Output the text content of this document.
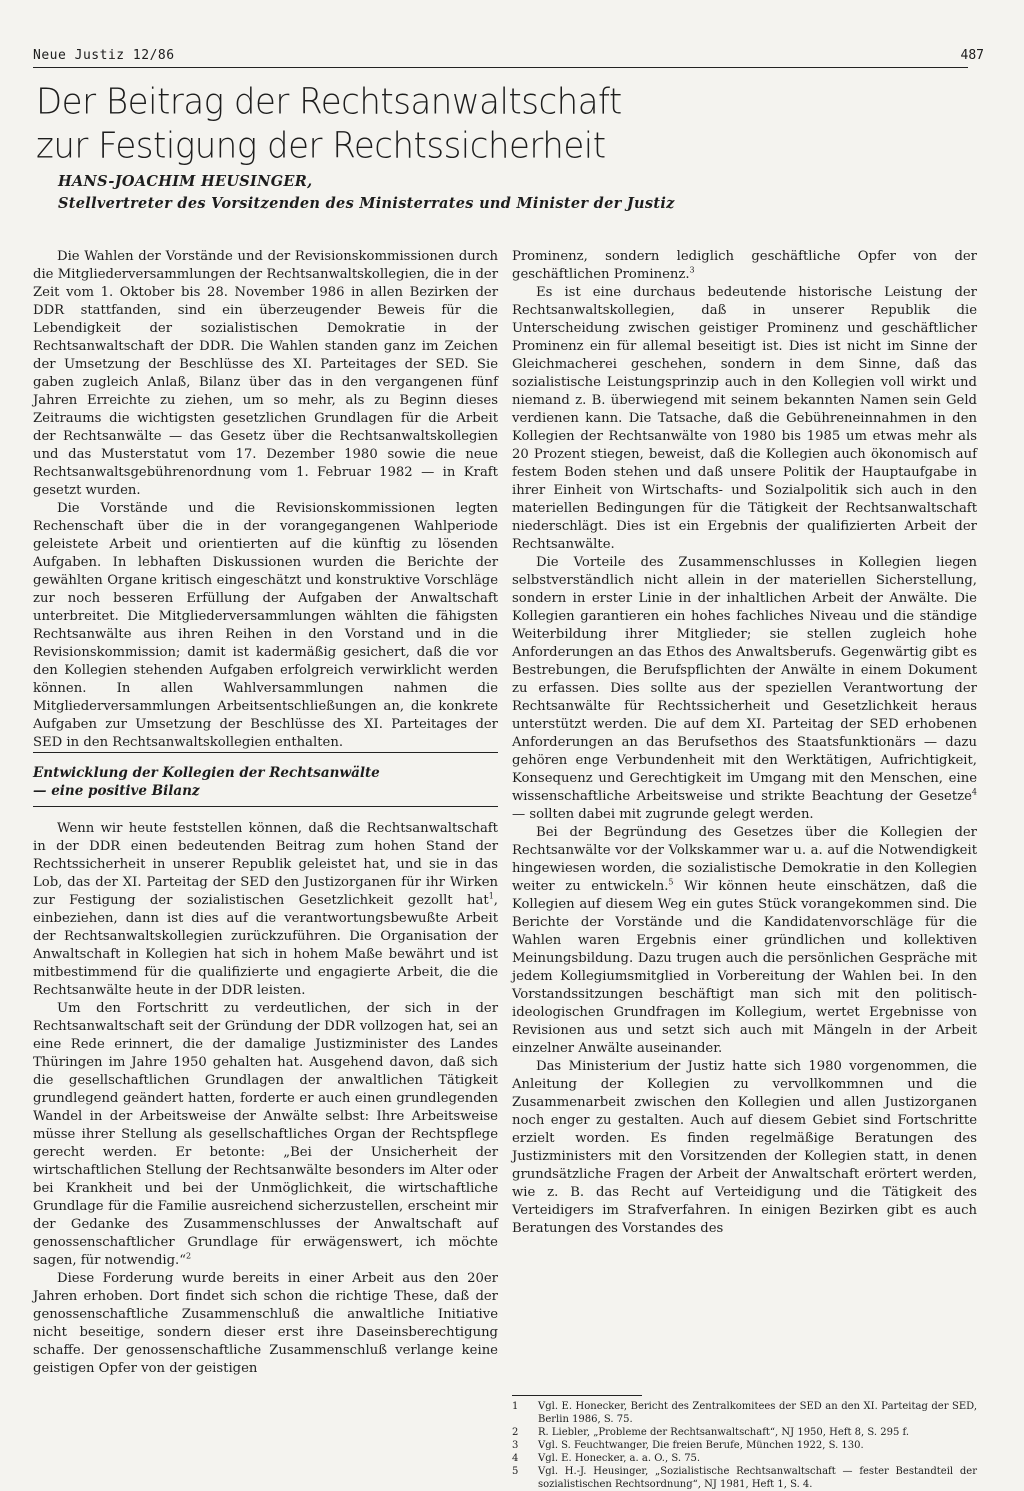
Neue Justiz 12/86	487
Der Beitrag der Rechtsanwaltschaft
zur Festigung der Rechtssicherheit
HANS-JOACHIM HEUSINGER,
Stellvertreter des Vorsitzenden des Ministerrates und Minister der Justiz

Die Wahlen der Vorstände und der Revisionskommissionen durch die Mitgliederversammlungen der Rechtsanwaltskollegien, die in der Zeit vom 1. Oktober bis 28. November 1986 in allen Bezirken der DDR stattfanden, sind ein überzeugender Beweis für die Lebendigkeit der sozialistischen Demokratie in der Rechtsanwaltschaft der DDR. Die Wahlen standen ganz im Zeichen der Umsetzung der Beschlüsse des XI. Parteitages der SED. Sie gaben zugleich Anlaß, Bilanz über das in den vergangenen fünf Jahren Erreichte zu ziehen, um so mehr, als zu Beginn dieses Zeitraums die wichtigsten gesetzlichen Grundlagen für die Arbeit der Rechtsanwälte — das Gesetz über die Rechtsanwaltskollegien und das Musterstatut vom 17. Dezember 1980 sowie die neue Rechtsanwaltsgebührenordnung vom 1. Februar 1982 — in Kraft gesetzt wurden.

Die Vorstände und die Revisionskommissionen legten Rechenschaft über die in der vorangegangenen Wahlperiode geleistete Arbeit und orientierten auf die künftig zu lösenden Aufgaben. In lebhaften Diskussionen wurden die Berichte der gewählten Organe kritisch eingeschätzt und konstruktive Vorschläge zur noch besseren Erfüllung der Aufgaben der Anwaltschaft unterbreitet. Die Mitgliederversammlungen wählten die fähigsten Rechtsanwälte aus ihren Reihen in den Vorstand und in die Revisionskommission; damit ist kadermäßig gesichert, daß die vor den Kollegien stehenden Aufgaben erfolgreich verwirklicht werden können. In allen Wahlversammlungen nahmen die Mitgliederversammlungen Arbeitsentschließungen an, die konkrete Aufgaben zur Umsetzung der Beschlüsse des XI. Parteitages der SED in den Rechtsanwaltskollegien enthalten.

Entwicklung der Kollegien der Rechtsanwälte
— eine positive Bilanz

Wenn wir heute feststellen können, daß die Rechtsanwaltschaft in der DDR einen bedeutenden Beitrag zum hohen Stand der Rechtssicherheit in unserer Republik geleistet hat, und sie in das Lob, das der XI. Parteitag der SED den Justizorganen für ihr Wirken zur Festigung der sozialistischen Gesetzlichkeit gezollt hat$^1$, einbeziehen, dann ist dies auf die verantwortungsbewußte Arbeit der Rechtsanwaltskollegien zurückzuführen. Die Organisation der Anwaltschaft in Kollegien hat sich in hohem Maße bewährt und ist mitbestimmend für die qualifizierte und engagierte Arbeit, die die Rechtsanwälte heute in der DDR leisten.

Um den Fortschritt zu verdeutlichen, der sich in der Rechtsanwaltschaft seit der Gründung der DDR vollzogen hat, sei an eine Rede erinnert, die der damalige Justizminister des Landes Thüringen im Jahre 1950 gehalten hat. Ausgehend davon, daß sich die gesellschaftlichen Grundlagen der anwaltlichen Tätigkeit grundlegend geändert hatten, forderte er auch einen grundlegenden Wandel in der Arbeitsweise der Anwälte selbst: Ihre Arbeitsweise müsse ihrer Stellung als gesellschaftliches Organ der Rechtspflege gerecht werden. Er betonte: „Bei der Unsicherheit der wirtschaftlichen Stellung der Rechtsanwälte besonders im Alter oder bei Krankheit und bei der Unmöglichkeit, die wirtschaftliche Grundlage für die Familie ausreichend sicherzustellen, erscheint mir der Gedanke des Zusammenschlusses der Anwaltschaft auf genossenschaftlicher Grundlage für erwägenswert, ich möchte sagen, für notwendig.“$^2$

Diese Forderung wurde bereits in einer Arbeit aus den 20er Jahren erhoben. Dort findet sich schon die richtige These, daß der genossenschaftliche Zusammenschluß die anwaltliche Initiative nicht beseitige, sondern dieser erst ihre Daseinsberechtigung schaffe. Der genossenschaftliche Zusammenschluß verlange keine geistigen Opfer von der geistigen

Prominenz, sondern lediglich geschäftliche Opfer von der geschäftlichen Prominenz.$^3$

Es ist eine durchaus bedeutende historische Leistung der Rechtsanwaltskollegien, daß in unserer Republik die Unterscheidung zwischen geistiger Prominenz und geschäftlicher Prominenz ein für allemal beseitigt ist. Dies ist nicht im Sinne der Gleichmacherei geschehen, sondern in dem Sinne, daß das sozialistische Leistungsprinzip auch in den Kollegien voll wirkt und niemand z. B. überwiegend mit seinem bekannten Namen sein Geld verdienen kann. Die Tatsache, daß die Gebühreneinnahmen in den Kollegien der Rechtsanwälte von 1980 bis 1985 um etwas mehr als 20 Prozent stiegen, beweist, daß die Kollegien auch ökonomisch auf festem Boden stehen und daß unsere Politik der Hauptaufgabe in ihrer Einheit von Wirtschafts- und Sozialpolitik sich auch in den materiellen Bedingungen für die Tätigkeit der Rechtsanwaltschaft niederschlägt. Dies ist ein Ergebnis der qualifizierten Arbeit der Rechtsanwälte.

Die Vorteile des Zusammenschlusses in Kollegien liegen selbstverständlich nicht allein in der materiellen Sicherstellung, sondern in erster Linie in der inhaltlichen Arbeit der Anwälte. Die Kollegien garantieren ein hohes fachliches Niveau und die ständige Weiterbildung ihrer Mitglieder; sie stellen zugleich hohe Anforderungen an das Ethos des Anwaltsberufs. Gegenwärtig gibt es Bestrebungen, die Berufspflichten der Anwälte in einem Dokument zu erfassen. Dies sollte aus der speziellen Verantwortung der Rechtsanwälte für Rechtssicherheit und Gesetzlichkeit heraus unterstützt werden. Die auf dem XI. Parteitag der SED erhobenen Anforderungen an das Berufsethos des Staatsfunktionärs — dazu gehören enge Verbundenheit mit den Werktätigen, Aufrichtigkeit, Konsequenz und Gerechtigkeit im Umgang mit den Menschen, eine wissenschaftliche Arbeitsweise und strikte Beachtung der Gesetze$^4$ — sollten dabei mit zugrunde gelegt werden.

Bei der Begründung des Gesetzes über die Kollegien der Rechtsanwälte vor der Volkskammer war u. a. auf die Notwendigkeit hingewiesen worden, die sozialistische Demokratie in den Kollegien weiter zu entwickeln.$^5$ Wir können heute einschätzen, daß die Kollegien auf diesem Weg ein gutes Stück vorangekommen sind. Die Berichte der Vorstände und die Kandidatenvorschläge für die Wahlen waren Ergebnis einer gründlichen und kollektiven Meinungsbildung. Dazu trugen auch die persönlichen Gespräche mit jedem Kollegiumsmitglied in Vorbereitung der Wahlen bei. In den Vorstandssitzungen beschäftigt man sich mit den politisch-ideologischen Grundfragen im Kollegium, wertet Ergebnisse von Revisionen aus und setzt sich auch mit Mängeln in der Arbeit einzelner Anwälte auseinander.

Das Ministerium der Justiz hatte sich 1980 vorgenommen, die Anleitung der Kollegien zu vervollkommnen und die Zusammenarbeit zwischen den Kollegien und allen Justizorganen noch enger zu gestalten. Auch auf diesem Gebiet sind Fortschritte erzielt worden. Es finden regelmäßige Beratungen des Justizministers mit den Vorsitzenden der Kollegien statt, in denen grundsätzliche Fragen der Arbeit der Anwaltschaft erörtert werden, wie z. B. das Recht auf Verteidigung und die Tätigkeit des Verteidigers im Strafverfahren. In einigen Bezirken gibt es auch Beratungen des Vorstandes des

1	Vgl. E. Honecker, Bericht des Zentralkomitees der SED an den XI. Parteitag der SED, Berlin 1986, S. 75.
2	R. Liebler, „Probleme der Rechtsanwaltschaft“, NJ 1950, Heft 8, S. 295 f.
3	Vgl. S. Feuchtwanger, Die freien Berufe, München 1922, S. 130.
4	Vgl. E. Honecker, a. a. O., S. 75.
5	Vgl. H.-J. Heusinger, „Sozialistische Rechtsanwaltschaft — fester Bestandteil der sozialistischen Rechtsordnung“, NJ 1981, Heft 1, S. 4.
